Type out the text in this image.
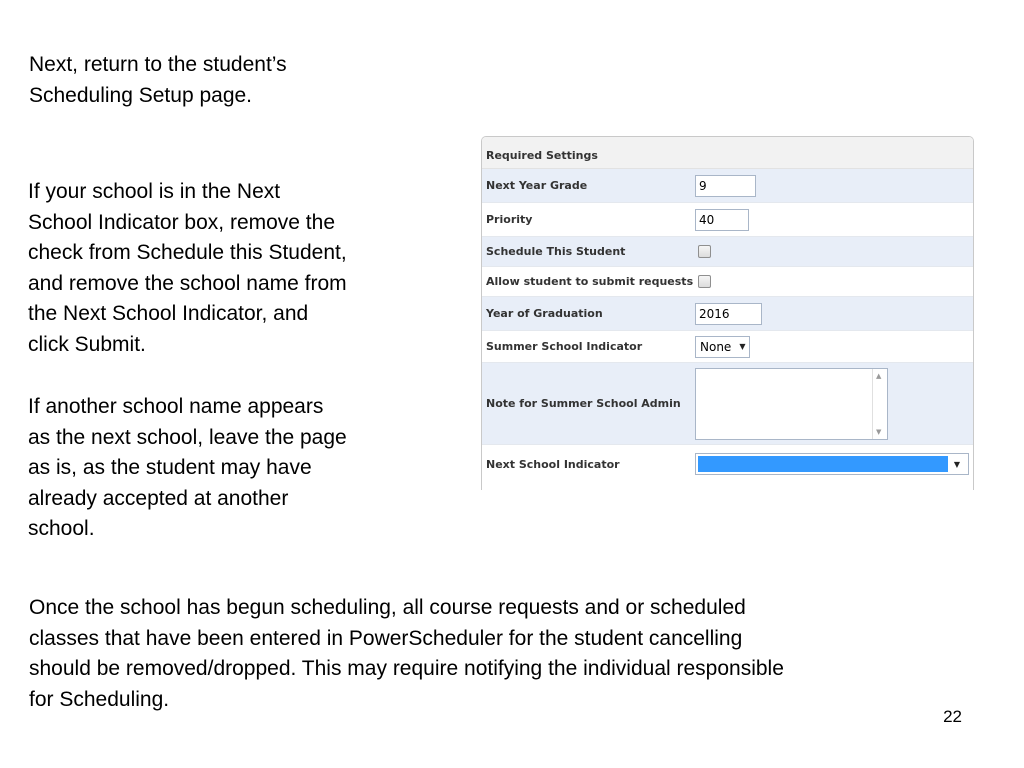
Next, return to the student’s
Scheduling Setup page.

If your school is in the Next
School Indicator box, remove the
check from Schedule this Student,
and remove the school name from
the Next School Indicator, and
click Submit.

If another school name appears
as the next school, leave the page
as is, as the student may have
already accepted at another
school.

Required Settings
Next Year Grade
9
Priority
40
Schedule This Student
Allow student to submit requests
Year of Graduation
2016
Summer School Indicator	None ▼
Note for Summer School Admin
▲
▼
Next School Indicator	▼

Once the school has begun scheduling, all course requests and or scheduled
classes that have been entered in PowerScheduler for the student cancelling
should be removed/dropped. This may require notifying the individual responsible
for Scheduling.

22
